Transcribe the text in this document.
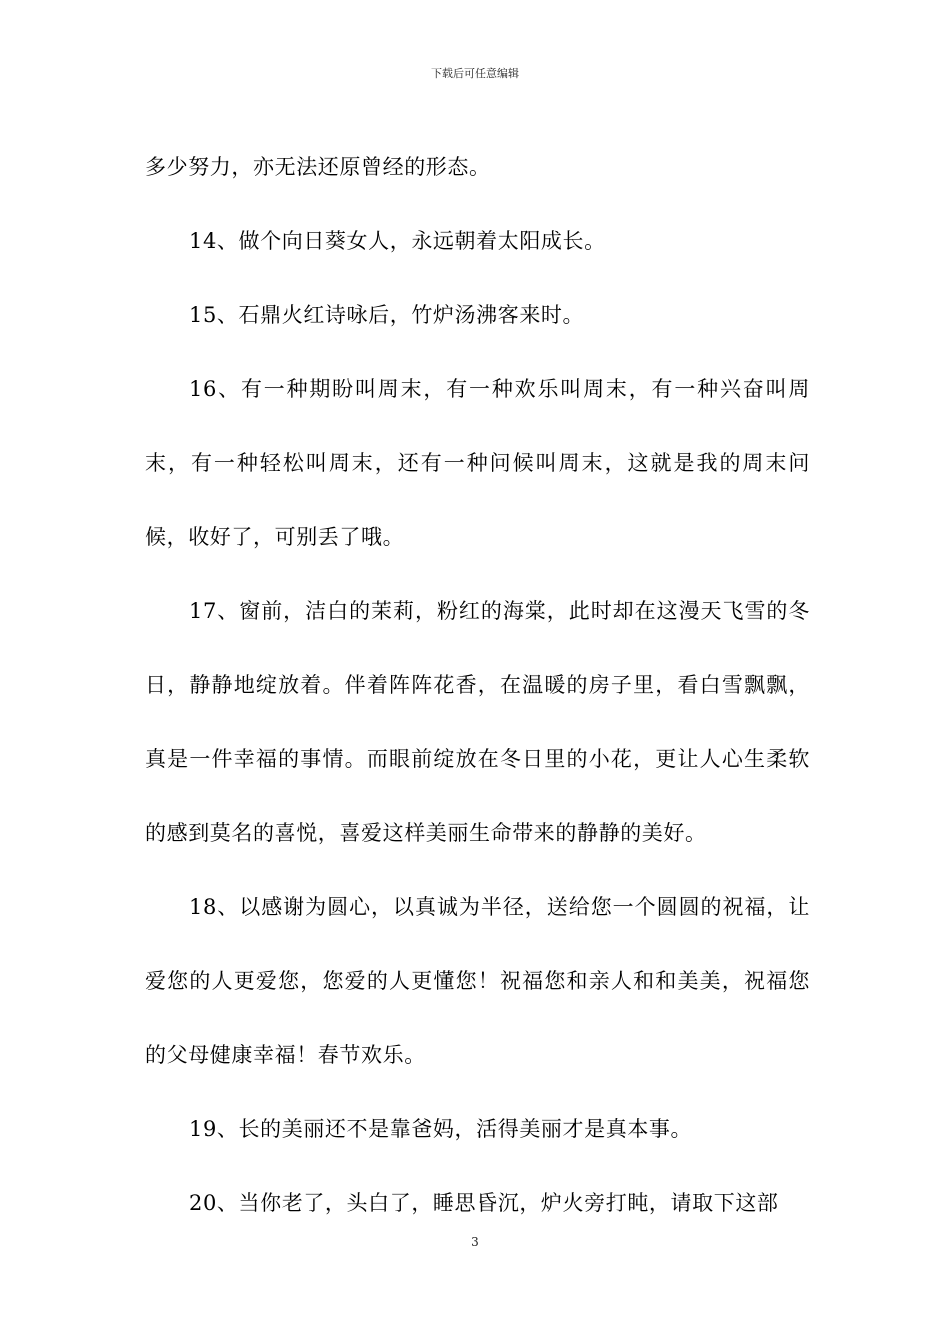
下载后可任意编辑

多少努力，亦无法还原曾经的形态。

14、做个向日葵女人，永远朝着太阳成长。

15、石鼎火红诗咏后，竹炉汤沸客来时。

16、有一种期盼叫周末，有一种欢乐叫周末，有一种兴奋叫周末，有一种轻松叫周末，还有一种问候叫周末，这就是我的周末问候，收好了，可别丢了哦。

17、窗前，洁白的茉莉，粉红的海棠，此时却在这漫天飞雪的冬日，静静地绽放着。伴着阵阵花香，在温暖的房子里，看白雪飘飘，真是一件幸福的事情。而眼前绽放在冬日里的小花，更让人心生柔软的感到莫名的喜悦，喜爱这样美丽生命带来的静静的美好。

18、以感谢为圆心，以真诚为半径，送给您一个圆圆的祝福，让爱您的人更爱您，您爱的人更懂您！祝福您和亲人和和美美，祝福您的父母健康幸福！春节欢乐。

19、长的美丽还不是靠爸妈，活得美丽才是真本事。

20、当你老了，头白了，睡思昏沉，炉火旁打盹，请取下这部

3
